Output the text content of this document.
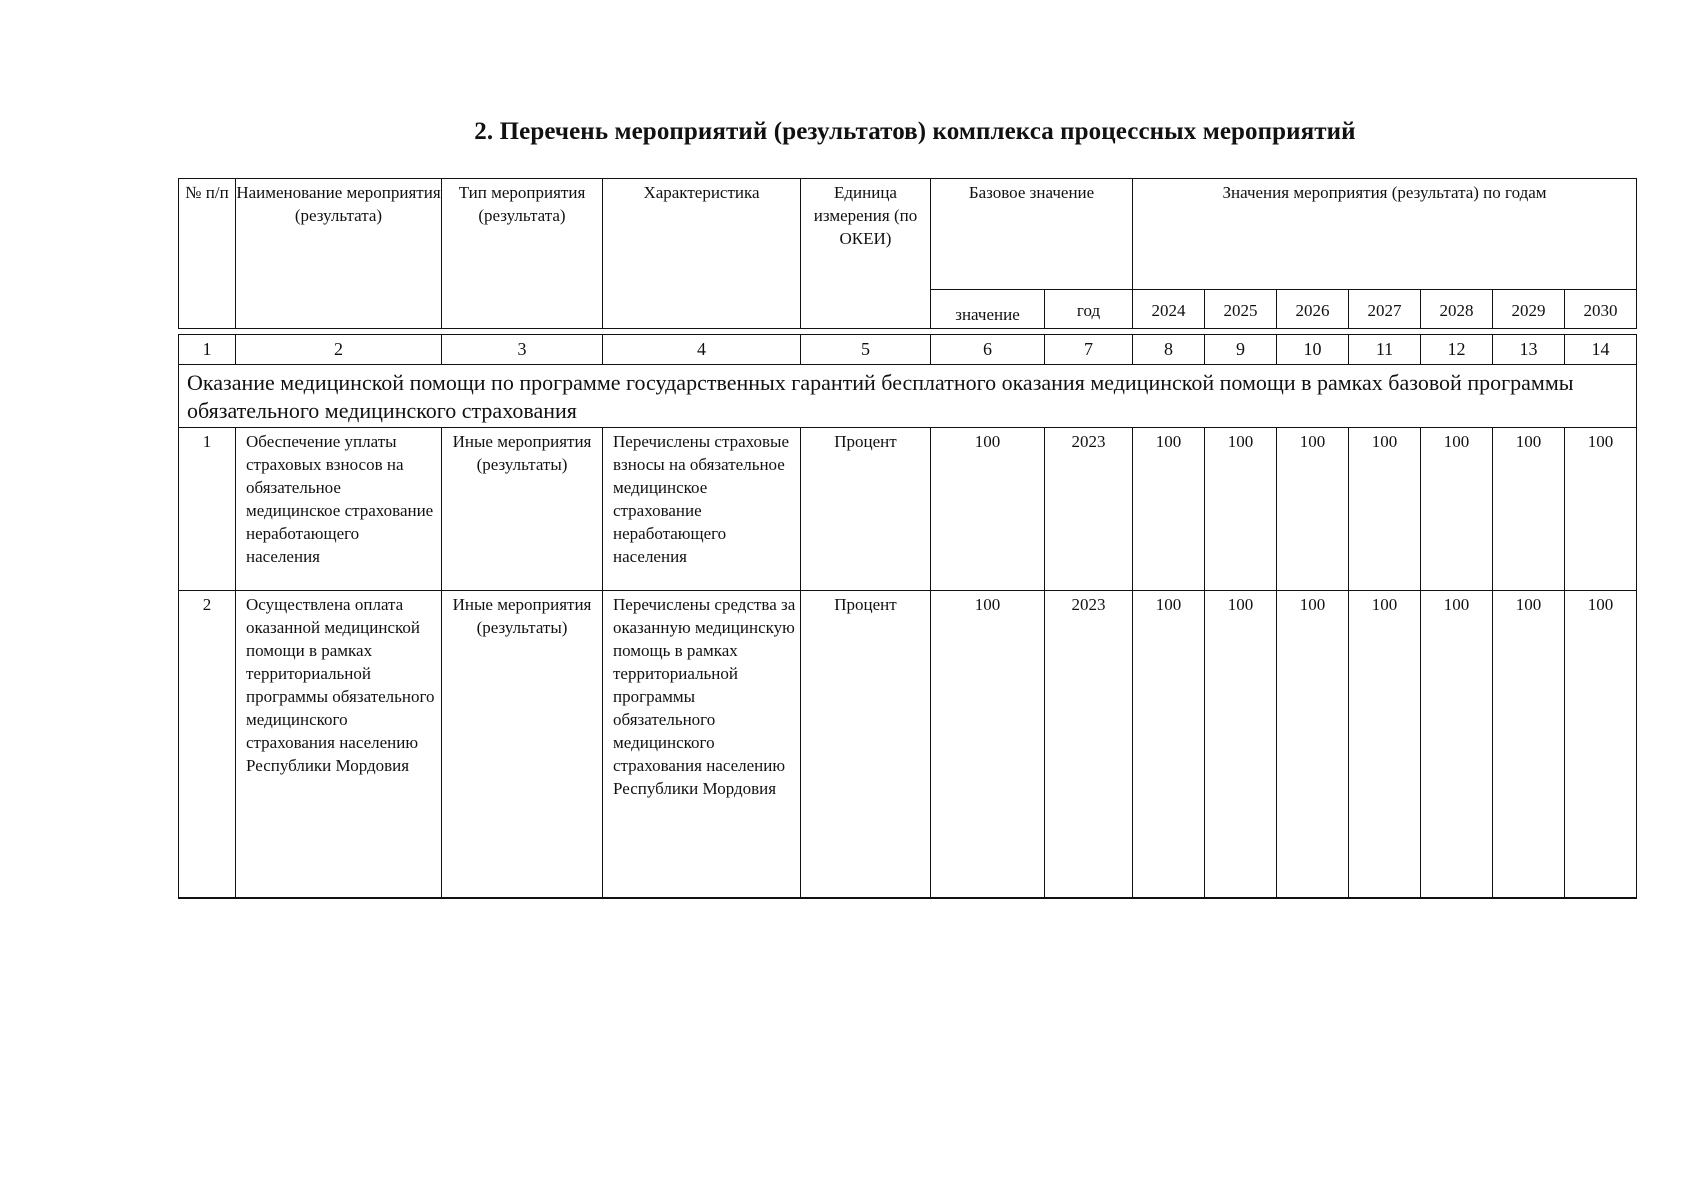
2. Перечень мероприятий (результатов) комплекса процессных мероприятий
№ п/п	Наименование мероприятия (результата)	Тип мероприятия (результата)	Характеристика	Единица измерения (по ОКЕИ)	Базовое значение		Значения мероприятия (результата) по годам						
					значение	год	2024	2025	2026	2027	2028	2029	2030
1	2	3	4	5	6	7	8	9	10	11	12	13	14
Оказание медицинской помощи по программе государственных гарантий бесплатного оказания медицинской помощи в рамках базовой программы обязательного медицинского страхования													
1	Обеспечение уплаты страховых взносов на обязательное медицинское страхование неработающего населения	Иные мероприятия (результаты)	Перечислены страховые взносы на обязательное медицинское страхование неработающего населения	Процент	100	2023	100	100	100	100	100	100	100
2	Осуществлена оплата оказанной медицинской помощи в рамках территориальной программы обязательного медицинского страхования населению Республики Мордовия	Иные мероприятия (результаты)	Перечислены средства за оказанную медицинскую помощь в рамках территориальной программы обязательного медицинского страхования населению Республики Мордовия	Процент	100	2023	100	100	100	100	100	100	100
